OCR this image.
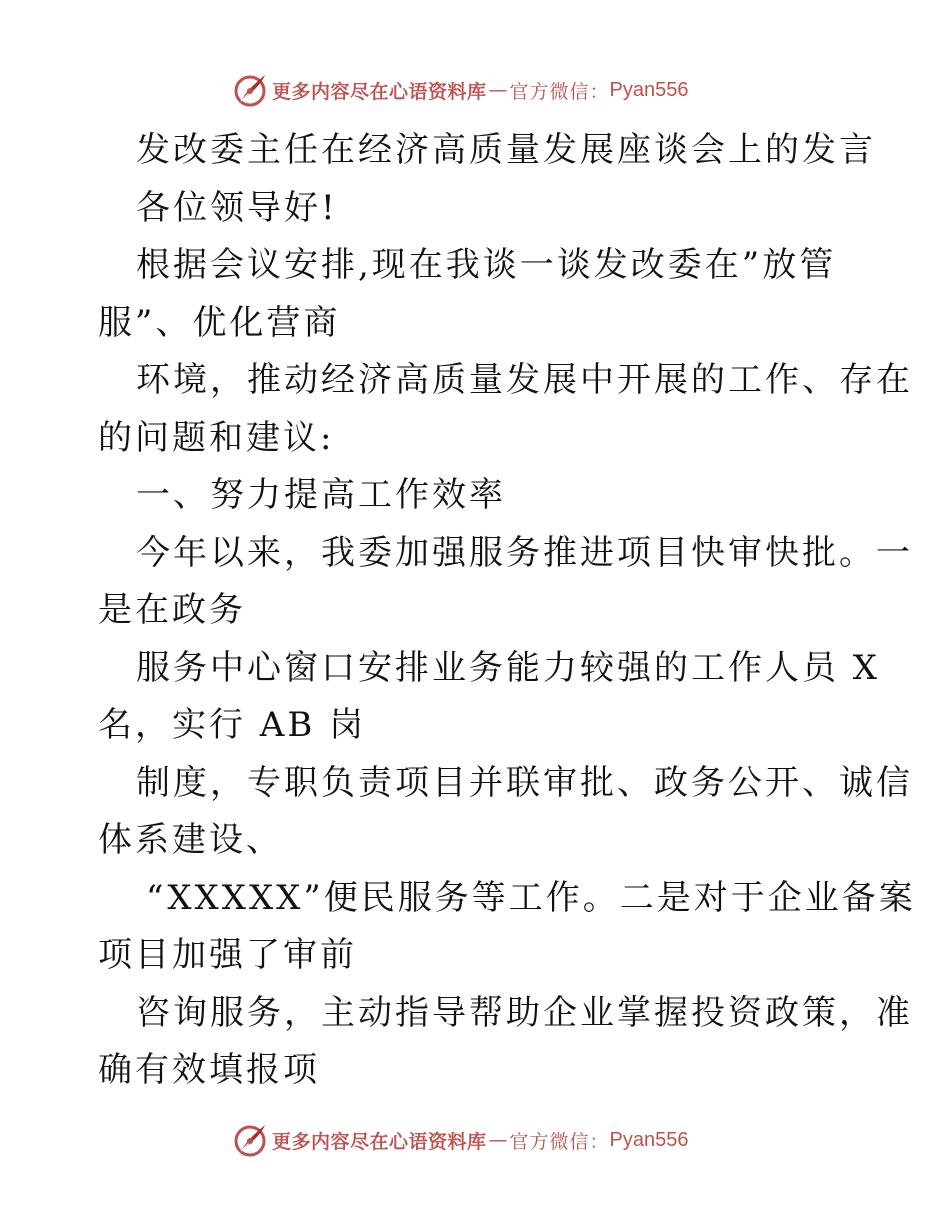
更多内容尽在心语资料库 — 官方微信： Pyan556

发改委主任在经济高质量发展座谈会上的发言

各位领导好!

根据会议安排,现在我谈一谈发改委在”放管

服”、优化营商

环境，推动经济高质量发展中开展的工作、存在

的问题和建议:

一、努力提高工作效率

今年以来，我委加强服务推进项目快审快批。一

是在政务

服务中心窗口安排业务能力较强的工作人员 X

名，实行 AB 岗

制度，专职负责项目并联审批、政务公开、诚信

体系建设、

“XXXXX”便民服务等工作。二是对于企业备案

项目加强了审前

咨询服务，主动指导帮助企业掌握投资政策，准

确有效填报项

更多内容尽在心语资料库 — 官方微信： Pyan556
